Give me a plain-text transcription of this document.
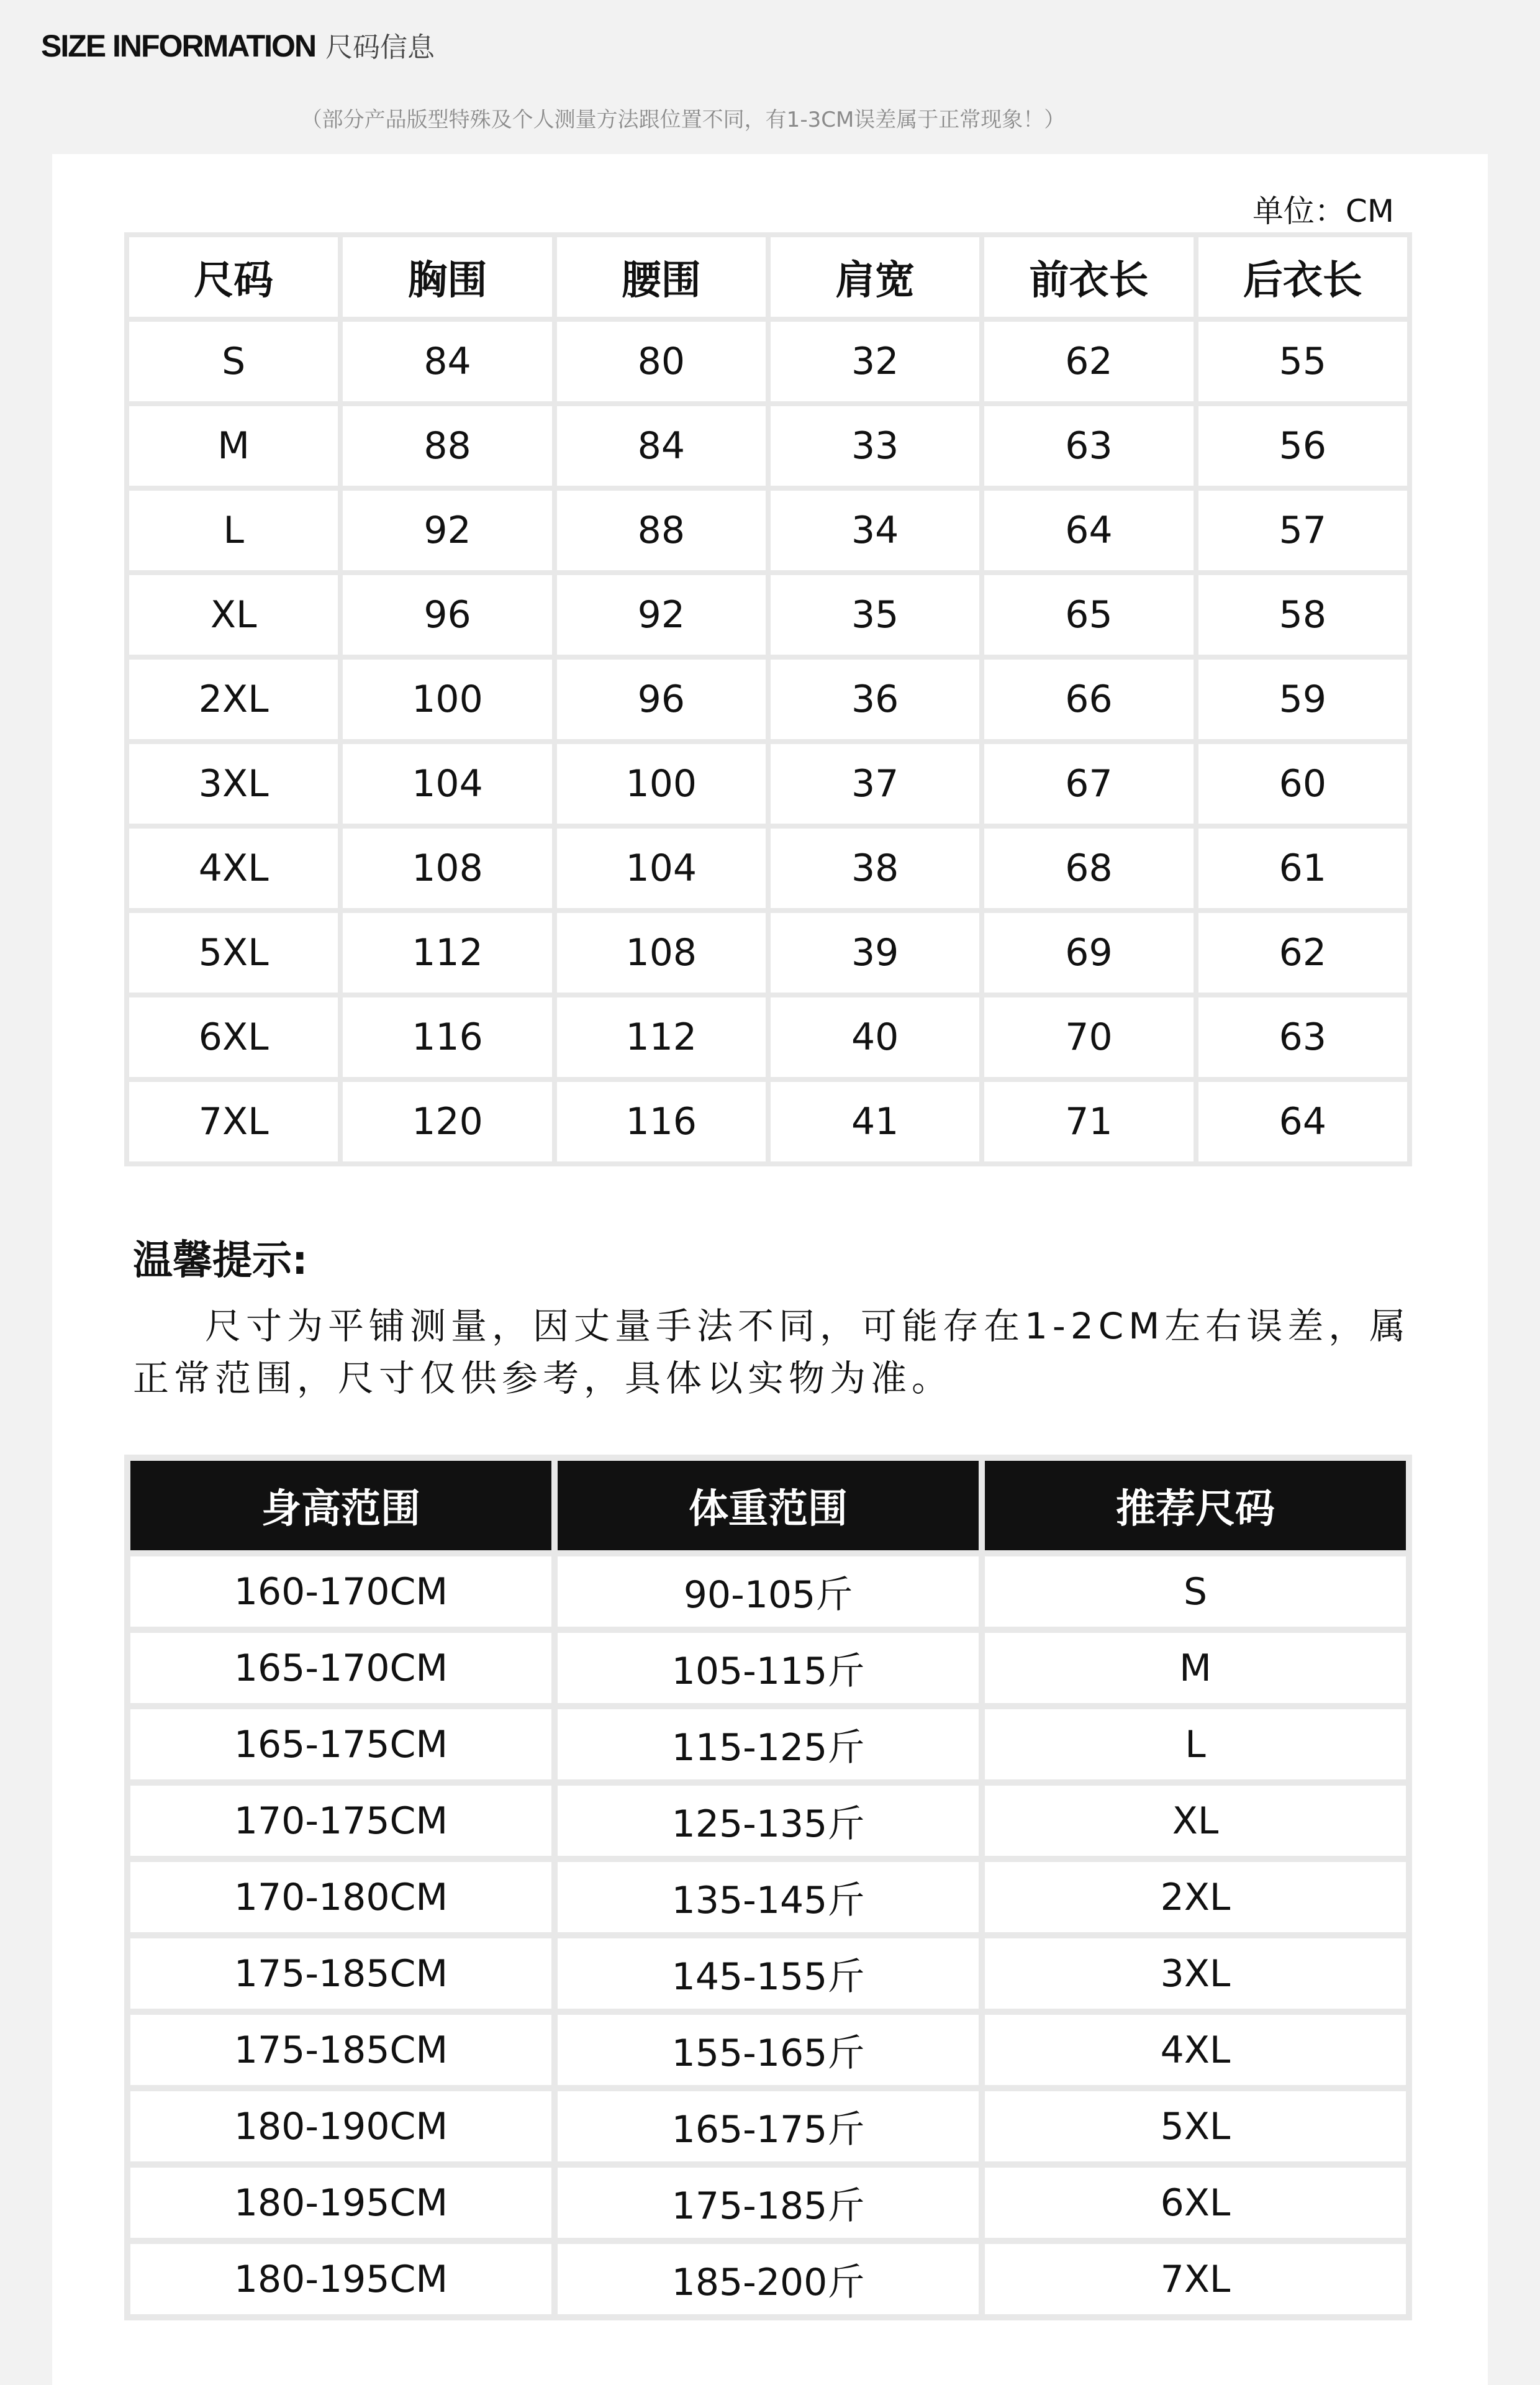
SIZE INFORMATION 尺码信息
（部分产品版型特殊及个人测量方法跟位置不同，有1-3CM误差属于正常现象！）
单位：CM
尺码	胸围	腰围	肩宽	前衣长	后衣长
S	84	80	32	62	55
M	88	84	33	63	56
L	92	88	34	64	57
XL	96	92	35	65	58
2XL	100	96	36	66	59
3XL	104	100	37	67	60
4XL	108	104	38	68	61
5XL	112	108	39	69	62
6XL	116	112	40	70	63
7XL	120	116	41	71	64
温馨提示:
尺寸为平铺测量，因丈量手法不同，可能存在1-2CM左右误差，属正常范围，尺寸仅供参考，具体以实物为准。
身高范围	体重范围	推荐尺码
160-170CM	90-105斤	S
165-170CM	105-115斤	M
165-175CM	115-125斤	L
170-175CM	125-135斤	XL
170-180CM	135-145斤	2XL
175-185CM	145-155斤	3XL
175-185CM	155-165斤	4XL
180-190CM	165-175斤	5XL
180-195CM	175-185斤	6XL
180-195CM	185-200斤	7XL
